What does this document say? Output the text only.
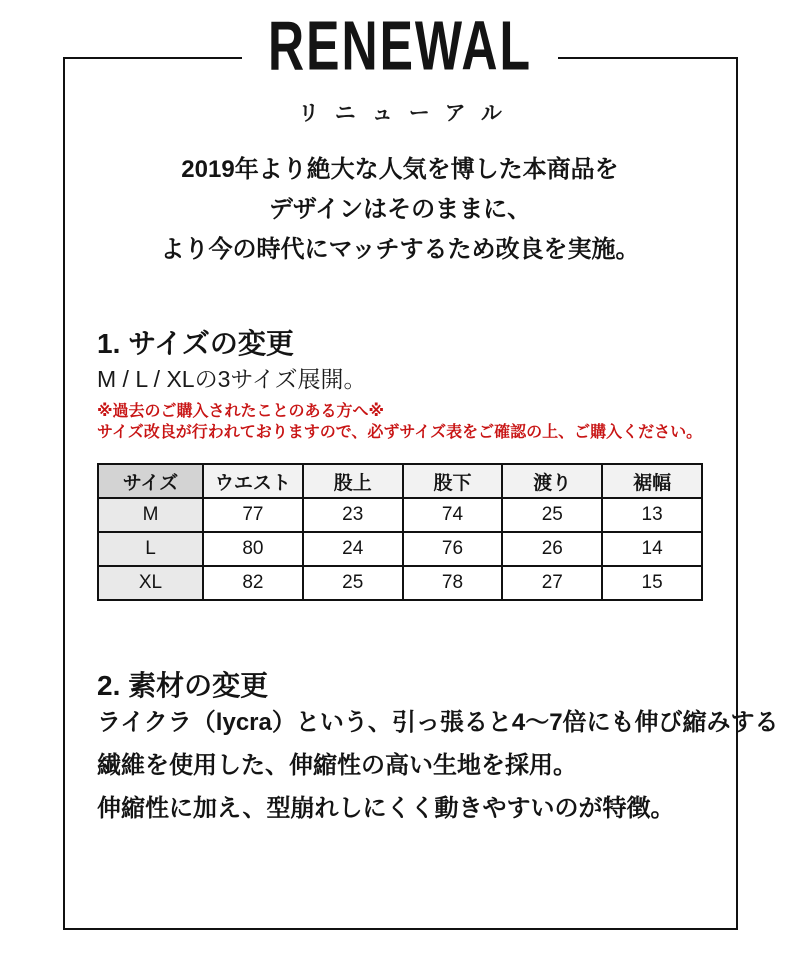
RENEWAL
リニューアル
2019年より絶大な人気を博した本商品を
デザインはそのままに、
より今の時代にマッチするため改良を実施。
1. サイズの変更
M / L / XLの3サイズ展開。
※過去のご購入されたことのある方へ※
サイズ改良が行われておりますので、必ずサイズ表をご確認の上、ご購入ください。
サイズ	ウエスト	股上	股下	渡り	裾幅
M	77	23	74	25	13
L	80	24	76	26	14
XL	82	25	78	27	15
2. 素材の変更
ライクラ（lycra）という、引っ張ると4〜7倍にも伸び縮みする
繊維を使用した、伸縮性の高い生地を採用。
伸縮性に加え、型崩れしにくく動きやすいのが特徴。
